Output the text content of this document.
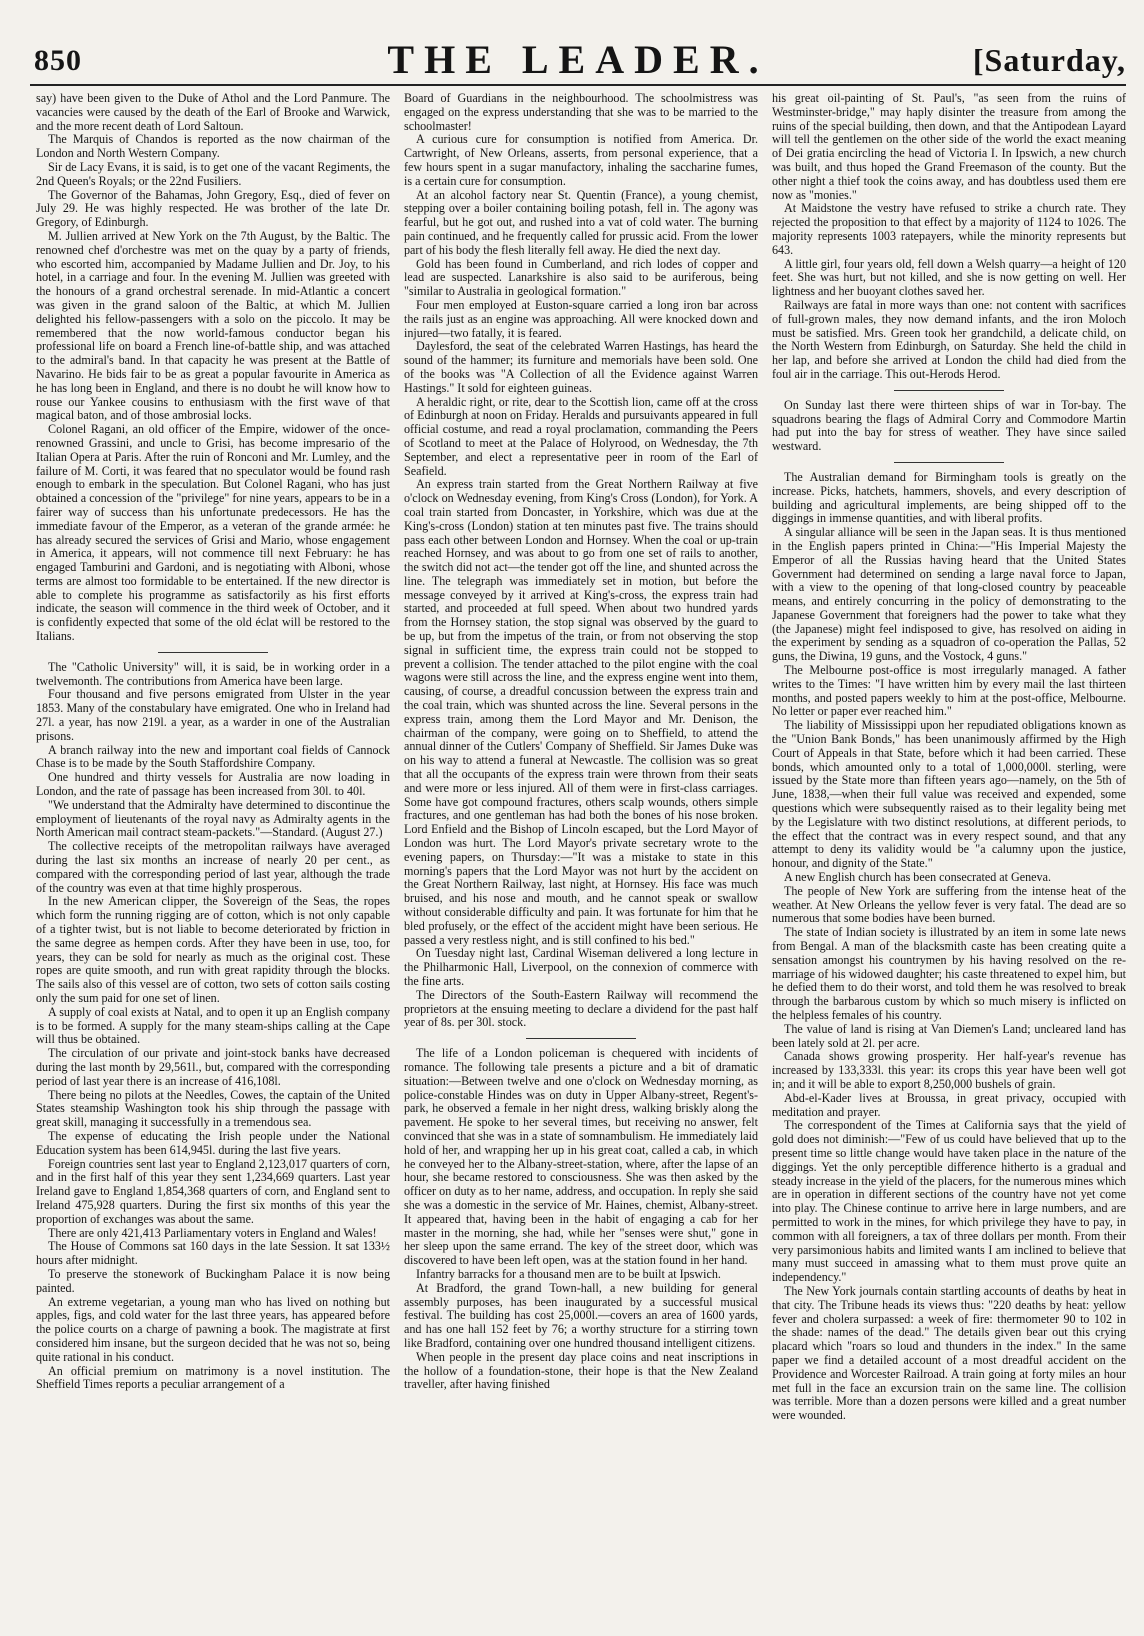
850	THE LEADER.	[Saturday,

say) have been given to the Duke of Athol and the Lord Panmure. The vacancies were caused by the death of the Earl of Brooke and Warwick, and the more recent death of Lord Saltoun.

The Marquis of Chandos is reported as the now chairman of the London and North Western Company.

Sir de Lacy Evans, it is said, is to get one of the vacant Regiments, the 2nd Queen's Royals; or the 22nd Fusiliers.

The Governor of the Bahamas, John Gregory, Esq., died of fever on July 29. He was highly respected. He was brother of the late Dr. Gregory, of Edinburgh.

M. Jullien arrived at New York on the 7th August, by the Baltic. The renowned chef d'orchestre was met on the quay by a party of friends, who escorted him, accompanied by Madame Jullien and Dr. Joy, to his hotel, in a carriage and four. In the evening M. Jullien was greeted with the honours of a grand orchestral serenade. In mid-Atlantic a concert was given in the grand saloon of the Baltic, at which M. Jullien delighted his fellow-passengers with a solo on the piccolo. It may be remembered that the now world-famous conductor began his professional life on board a French line-of-battle ship, and was attached to the admiral's band. In that capacity he was present at the Battle of Navarino. He bids fair to be as great a popular favourite in America as he has long been in England, and there is no doubt he will know how to rouse our Yankee cousins to enthusiasm with the first wave of that magical baton, and of those ambrosial locks.

Colonel Ragani, an old officer of the Empire, widower of the once-renowned Grassini, and uncle to Grisi, has become impresario of the Italian Opera at Paris. After the ruin of Ronconi and Mr. Lumley, and the failure of M. Corti, it was feared that no speculator would be found rash enough to embark in the speculation. But Colonel Ragani, who has just obtained a concession of the "privilege" for nine years, appears to be in a fairer way of success than his unfortunate predecessors. He has the immediate favour of the Emperor, as a veteran of the grande armée: he has already secured the services of Grisi and Mario, whose engagement in America, it appears, will not commence till next February: he has engaged Tamburini and Gardoni, and is negotiating with Alboni, whose terms are almost too formidable to be entertained. If the new director is able to complete his programme as satisfactorily as his first efforts indicate, the season will commence in the third week of October, and it is confidently expected that some of the old éclat will be restored to the Italians.

The "Catholic University" will, it is said, be in working order in a twelvemonth. The contributions from America have been large.

Four thousand and five persons emigrated from Ulster in the year 1853. Many of the constabulary have emigrated. One who in Ireland had 27l. a year, has now 219l. a year, as a warder in one of the Australian prisons.

A branch railway into the new and important coal fields of Cannock Chase is to be made by the South Staffordshire Company.

One hundred and thirty vessels for Australia are now loading in London, and the rate of passage has been increased from 30l. to 40l.

"We understand that the Admiralty have determined to discontinue the employment of lieutenants of the royal navy as Admiralty agents in the North American mail contract steam-packets."—Standard. (August 27.)

The collective receipts of the metropolitan railways have averaged during the last six months an increase of nearly 20 per cent., as compared with the corresponding period of last year, although the trade of the country was even at that time highly prosperous.

In the new American clipper, the Sovereign of the Seas, the ropes which form the running rigging are of cotton, which is not only capable of a tighter twist, but is not liable to become deteriorated by friction in the same degree as hempen cords. After they have been in use, too, for years, they can be sold for nearly as much as the original cost. These ropes are quite smooth, and run with great rapidity through the blocks. The sails also of this vessel are of cotton, two sets of cotton sails costing only the sum paid for one set of linen.

A supply of coal exists at Natal, and to open it up an English company is to be formed. A supply for the many steam-ships calling at the Cape will thus be obtained.

The circulation of our private and joint-stock banks have decreased during the last month by 29,561l., but, compared with the corresponding period of last year there is an increase of 416,108l.

There being no pilots at the Needles, Cowes, the captain of the United States steamship Washington took his ship through the passage with great skill, managing it successfully in a tremendous sea.

The expense of educating the Irish people under the National Education system has been 614,945l. during the last five years.

Foreign countries sent last year to England 2,123,017 quarters of corn, and in the first half of this year they sent 1,234,669 quarters. Last year Ireland gave to England 1,854,368 quarters of corn, and England sent to Ireland 475,928 quarters. During the first six months of this year the proportion of exchanges was about the same.

There are only 421,413 Parliamentary voters in England and Wales!

The House of Commons sat 160 days in the late Session. It sat 133½ hours after midnight.

To preserve the stonework of Buckingham Palace it is now being painted.

An extreme vegetarian, a young man who has lived on nothing but apples, figs, and cold water for the last three years, has appeared before the police courts on a charge of pawning a book. The magistrate at first considered him insane, but the surgeon decided that he was not so, being quite rational in his conduct.

An official premium on matrimony is a novel institution. The Sheffield Times reports a peculiar arrangement of a

Board of Guardians in the neighbourhood. The schoolmistress was engaged on the express understanding that she was to be married to the schoolmaster!

A curious cure for consumption is notified from America. Dr. Cartwright, of New Orleans, asserts, from personal experience, that a few hours spent in a sugar manufactory, inhaling the saccharine fumes, is a certain cure for consumption.

At an alcohol factory near St. Quentin (France), a young chemist, stepping over a boiler containing boiling potash, fell in. The agony was fearful, but he got out, and rushed into a vat of cold water. The burning pain continued, and he frequently called for prussic acid. From the lower part of his body the flesh literally fell away. He died the next day.

Gold has been found in Cumberland, and rich lodes of copper and lead are suspected. Lanarkshire is also said to be auriferous, being "similar to Australia in geological formation."

Four men employed at Euston-square carried a long iron bar across the rails just as an engine was approaching. All were knocked down and injured—two fatally, it is feared.

Daylesford, the seat of the celebrated Warren Hastings, has heard the sound of the hammer; its furniture and memorials have been sold. One of the books was "A Collection of all the Evidence against Warren Hastings." It sold for eighteen guineas.

A heraldic right, or rite, dear to the Scottish lion, came off at the cross of Edinburgh at noon on Friday. Heralds and pursuivants appeared in full official costume, and read a royal proclamation, commanding the Peers of Scotland to meet at the Palace of Holyrood, on Wednesday, the 7th September, and elect a representative peer in room of the Earl of Seafield.

An express train started from the Great Northern Railway at five o'clock on Wednesday evening, from King's Cross (London), for York. A coal train started from Doncaster, in Yorkshire, which was due at the King's-cross (London) station at ten minutes past five. The trains should pass each other between London and Hornsey. When the coal or up-train reached Hornsey, and was about to go from one set of rails to another, the switch did not act—the tender got off the line, and shunted across the line. The telegraph was immediately set in motion, but before the message conveyed by it arrived at King's-cross, the express train had started, and proceeded at full speed. When about two hundred yards from the Hornsey station, the stop signal was observed by the guard to be up, but from the impetus of the train, or from not observing the stop signal in sufficient time, the express train could not be stopped to prevent a collision. The tender attached to the pilot engine with the coal wagons were still across the line, and the express engine went into them, causing, of course, a dreadful concussion between the express train and the coal train, which was shunted across the line. Several persons in the express train, among them the Lord Mayor and Mr. Denison, the chairman of the company, were going on to Sheffield, to attend the annual dinner of the Cutlers' Company of Sheffield. Sir James Duke was on his way to attend a funeral at Newcastle. The collision was so great that all the occupants of the express train were thrown from their seats and were more or less injured. All of them were in first-class carriages. Some have got compound fractures, others scalp wounds, others simple fractures, and one gentleman has had both the bones of his nose broken. Lord Enfield and the Bishop of Lincoln escaped, but the Lord Mayor of London was hurt. The Lord Mayor's private secretary wrote to the evening papers, on Thursday:—"It was a mistake to state in this morning's papers that the Lord Mayor was not hurt by the accident on the Great Northern Railway, last night, at Hornsey. His face was much bruised, and his nose and mouth, and he cannot speak or swallow without considerable difficulty and pain. It was fortunate for him that he bled profusely, or the effect of the accident might have been serious. He passed a very restless night, and is still confined to his bed."

On Tuesday night last, Cardinal Wiseman delivered a long lecture in the Philharmonic Hall, Liverpool, on the connexion of commerce with the fine arts.

The Directors of the South-Eastern Railway will recommend the proprietors at the ensuing meeting to declare a dividend for the past half year of 8s. per 30l. stock.

The life of a London policeman is chequered with incidents of romance. The following tale presents a picture and a bit of dramatic situation:—Between twelve and one o'clock on Wednesday morning, as police-constable Hindes was on duty in Upper Albany-street, Regent's-park, he observed a female in her night dress, walking briskly along the pavement. He spoke to her several times, but receiving no answer, felt convinced that she was in a state of somnambulism. He immediately laid hold of her, and wrapping her up in his great coat, called a cab, in which he conveyed her to the Albany-street-station, where, after the lapse of an hour, she became restored to consciousness. She was then asked by the officer on duty as to her name, address, and occupation. In reply she said she was a domestic in the service of Mr. Haines, chemist, Albany-street. It appeared that, having been in the habit of engaging a cab for her master in the morning, she had, while her "senses were shut," gone in her sleep upon the same errand. The key of the street door, which was discovered to have been left open, was at the station found in her hand.

Infantry barracks for a thousand men are to be built at Ipswich.

At Bradford, the grand Town-hall, a new building for general assembly purposes, has been inaugurated by a successful musical festival. The building has cost 25,000l.—covers an area of 1600 yards, and has one hall 152 feet by 76; a worthy structure for a stirring town like Bradford, containing over one hundred thousand intelligent citizens.

When people in the present day place coins and neat inscriptions in the hollow of a foundation-stone, their hope is that the New Zealand traveller, after having finished

his great oil-painting of St. Paul's, "as seen from the ruins of Westminster-bridge," may haply disinter the treasure from among the ruins of the special building, then down, and that the Antipodean Layard will tell the gentlemen on the other side of the world the exact meaning of Dei gratia encircling the head of Victoria I. In Ipswich, a new church was built, and thus hoped the Grand Freemason of the county. But the other night a thief took the coins away, and has doubtless used them ere now as "monies."

At Maidstone the vestry have refused to strike a church rate. They rejected the proposition to that effect by a majority of 1124 to 1026. The majority represents 1003 ratepayers, while the minority represents but 643.

A little girl, four years old, fell down a Welsh quarry—a height of 120 feet. She was hurt, but not killed, and she is now getting on well. Her lightness and her buoyant clothes saved her.

Railways are fatal in more ways than one: not content with sacrifices of full-grown males, they now demand infants, and the iron Moloch must be satisfied. Mrs. Green took her grandchild, a delicate child, on the North Western from Edinburgh, on Saturday. She held the child in her lap, and before she arrived at London the child had died from the foul air in the carriage. This out-Herods Herod.

On Sunday last there were thirteen ships of war in Tor-bay. The squadrons bearing the flags of Admiral Corry and Commodore Martin had put into the bay for stress of weather. They have since sailed westward.

The Australian demand for Birmingham tools is greatly on the increase. Picks, hatchets, hammers, shovels, and every description of building and agricultural implements, are being shipped off to the diggings in immense quantities, and with liberal profits.

A singular alliance will be seen in the Japan seas. It is thus mentioned in the English papers printed in China:—"His Imperial Majesty the Emperor of all the Russias having heard that the United States Government had determined on sending a large naval force to Japan, with a view to the opening of that long-closed country by peaceable means, and entirely concurring in the policy of demonstrating to the Japanese Government that foreigners had the power to take what they (the Japanese) might feel indisposed to give, has resolved on aiding in the experiment by sending as a squadron of co-operation the Pallas, 52 guns, the Diwina, 19 guns, and the Vostock, 4 guns."

The Melbourne post-office is most irregularly managed. A father writes to the Times: "I have written him by every mail the last thirteen months, and posted papers weekly to him at the post-office, Melbourne. No letter or paper ever reached him."

The liability of Mississippi upon her repudiated obligations known as the "Union Bank Bonds," has been unanimously affirmed by the High Court of Appeals in that State, before which it had been carried. These bonds, which amounted only to a total of 1,000,000l. sterling, were issued by the State more than fifteen years ago—namely, on the 5th of June, 1838,—when their full value was received and expended, some questions which were subsequently raised as to their legality being met by the Legislature with two distinct resolutions, at different periods, to the effect that the contract was in every respect sound, and that any attempt to deny its validity would be "a calumny upon the justice, honour, and dignity of the State."

A new English church has been consecrated at Geneva.

The people of New York are suffering from the intense heat of the weather. At New Orleans the yellow fever is very fatal. The dead are so numerous that some bodies have been burned.

The state of Indian society is illustrated by an item in some late news from Bengal. A man of the blacksmith caste has been creating quite a sensation amongst his countrymen by his having resolved on the re-marriage of his widowed daughter; his caste threatened to expel him, but he defied them to do their worst, and told them he was resolved to break through the barbarous custom by which so much misery is inflicted on the helpless females of his country.

The value of land is rising at Van Diemen's Land; uncleared land has been lately sold at 2l. per acre.

Canada shows growing prosperity. Her half-year's revenue has increased by 133,333l. this year: its crops this year have been well got in; and it will be able to export 8,250,000 bushels of grain.

Abd-el-Kader lives at Broussa, in great privacy, occupied with meditation and prayer.

The correspondent of the Times at California says that the yield of gold does not diminish:—"Few of us could have believed that up to the present time so little change would have taken place in the nature of the diggings. Yet the only perceptible difference hitherto is a gradual and steady increase in the yield of the placers, for the numerous mines which are in operation in different sections of the country have not yet come into play. The Chinese continue to arrive here in large numbers, and are permitted to work in the mines, for which privilege they have to pay, in common with all foreigners, a tax of three dollars per month. From their very parsimonious habits and limited wants I am inclined to believe that many must succeed in amassing what to them must prove quite an independency."

The New York journals contain startling accounts of deaths by heat in that city. The Tribune heads its views thus: "220 deaths by heat: yellow fever and cholera surpassed: a week of fire: thermometer 90 to 102 in the shade: names of the dead." The details given bear out this crying placard which "roars so loud and thunders in the index." In the same paper we find a detailed account of a most dreadful accident on the Providence and Worcester Railroad. A train going at forty miles an hour met full in the face an excursion train on the same line. The collision was terrible. More than a dozen persons were killed and a great number were wounded.
